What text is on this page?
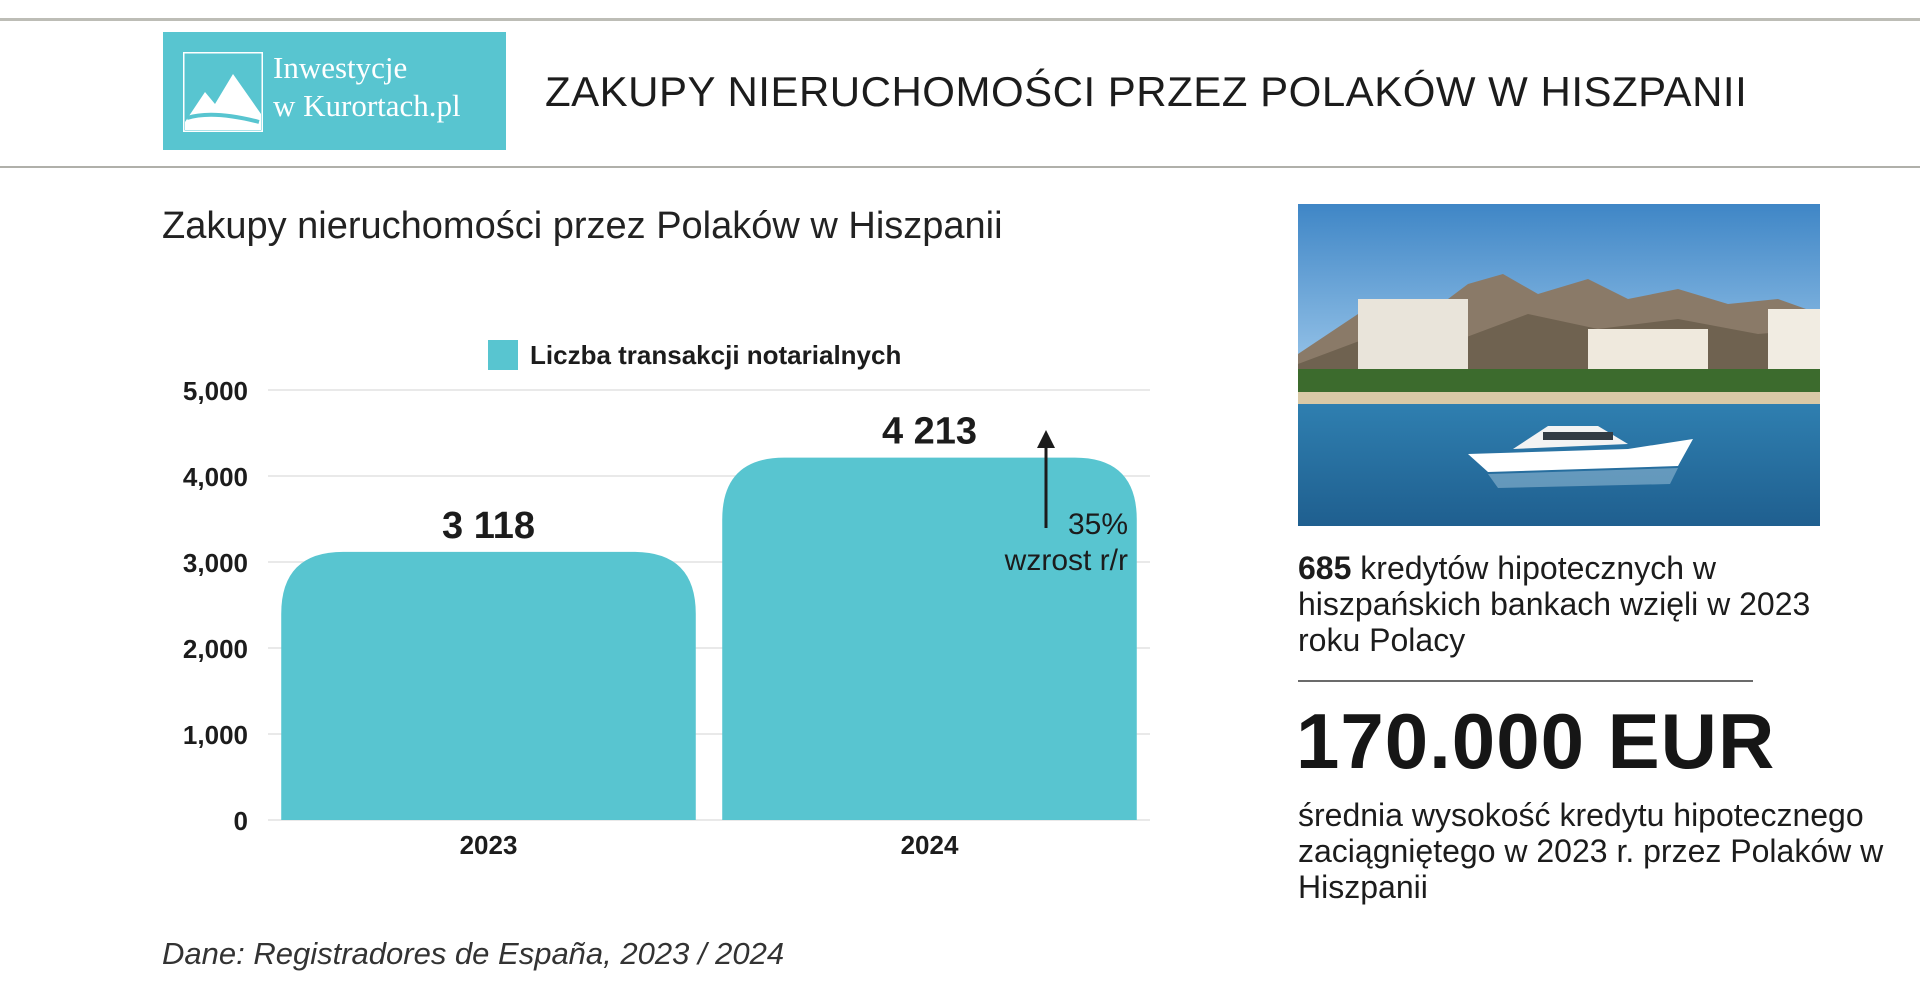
Inwestycje
w Kurortach.pl ZAKUPY NIERUCHOMOŚCI PRZEZ POLAKÓW W HISZPANII
Zakupy nieruchomości przez Polaków w Hiszpanii
0
1,000
2,000
3,000
4,000
5,000
3 118
4 213
2023	2024
Liczba transakcji notarialnych
35%
wzrost r/r
Dane: Registradores de España, 2023 / 2024
685 kredytów hipotecznych w hiszpańskich bankach wzięli w 2023 roku Polacy
170.000 EUR
średnia wysokość kredytu hipotecznego zaciągniętego w 2023 r. przez Polaków w Hiszpanii
